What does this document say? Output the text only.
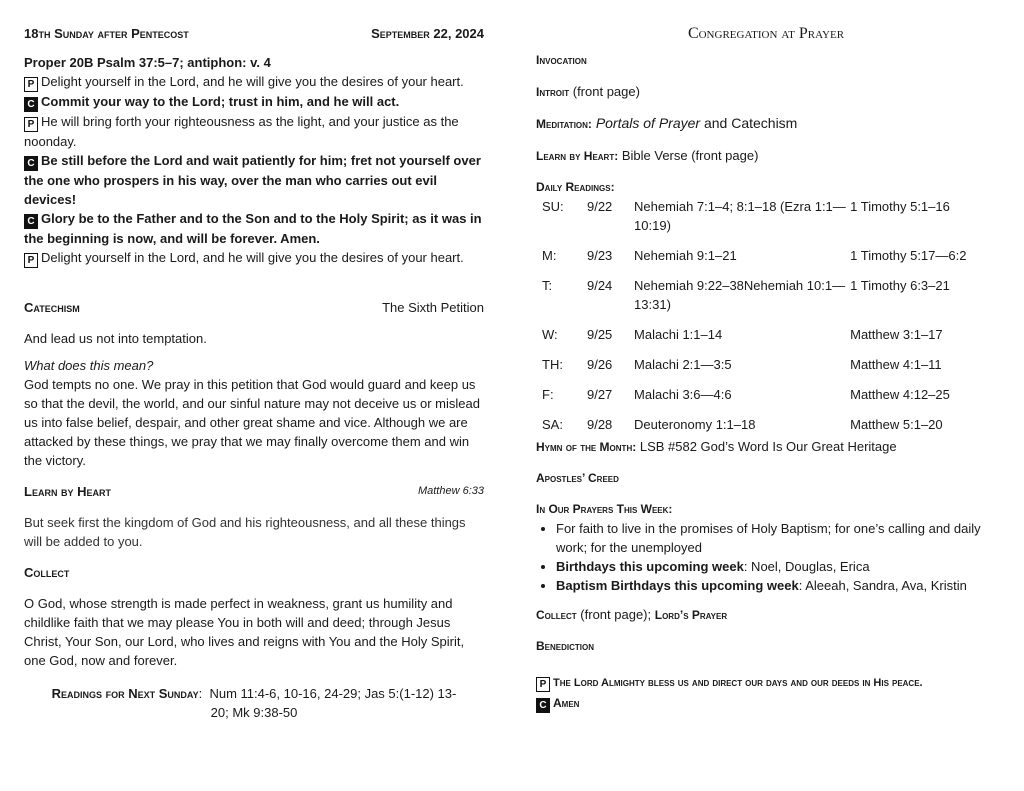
18th Sunday after Pentecost	September 22, 2024

Proper 20B Psalm 37:5–7; antiphon: v. 4

P Delight yourself in the Lord, and he will give you the desires of your heart.

C Commit your way to the Lord; trust in him, and he will act.

P He will bring forth your righteousness as the light, and your justice as the noonday.

C Be still before the Lord and wait patiently for him; fret not yourself over the one who prospers in his way, over the man who carries out evil devices!

C Glory be to the Father and to the Son and to the Holy Spirit; as it was in the beginning is now, and will be forever. Amen.

P Delight yourself in the Lord, and he will give you the desires of your heart.

Catechism	The Sixth Petition

And lead us not into temptation.

What does this mean?

God tempts no one. We pray in this petition that God would guard and keep us so that the devil, the world, and our sinful nature may not deceive us or mislead us into false belief, despair, and other great shame and vice. Although we are attacked by these things, we pray that we may finally overcome them and win the victory.

Learn by Heart	Matthew 6:33

But seek first the kingdom of God and his righteousness, and all these things will be added to you.

Collect

O God, whose strength is made perfect in weakness, grant us humility and childlike faith that we may please You in both will and deed; through Jesus Christ, Your Son, our Lord, who lives and reigns with You and the Holy Spirit, one God, now and forever.

Readings for Next Sunday:  Num 11:4-6, 10-16, 24-29; Jas 5:(1-12) 13-20; Mk 9:38-50

Congregation at Prayer

Invocation

Introit (front page)

Meditation: Portals of Prayer and Catechism

Learn by Heart: Bible Verse (front page)

Daily Readings:

SU:	9/22	Nehemiah 7:1–4; 8:1–18 (Ezra 1:1—10:19)	1 Timothy 5:1–16
M:	9/23	Nehemiah 9:1–21	1 Timothy 5:17—6:2
T:	9/24	Nehemiah 9:22–38Nehemiah 10:1—13:31)	1 Timothy 6:3–21
W:	9/25	Malachi 1:1–14	Matthew 3:1–17
TH:	9/26	Malachi 2:1—3:5	Matthew 4:1–11
F:	9/27	Malachi 3:6—4:6	Matthew 4:12–25
SA:	9/28	Deuteronomy 1:1–18	Matthew 5:1–20

Hymn of the Month: LSB #582 God’s Word Is Our Great Heritage

Apostles’ Creed

In Our Prayers This Week:

• For faith to live in the promises of Holy Baptism; for one’s calling and daily work; for the unemployed
• Birthdays this upcoming week: Noel, Douglas, Erica
• Baptism Birthdays this upcoming week: Aleeah, Sandra, Ava, Kristin

Collect (front page); Lord’s Prayer

Benediction

P The Lord Almighty bless us and direct our days and our deeds in His peace.

C Amen
